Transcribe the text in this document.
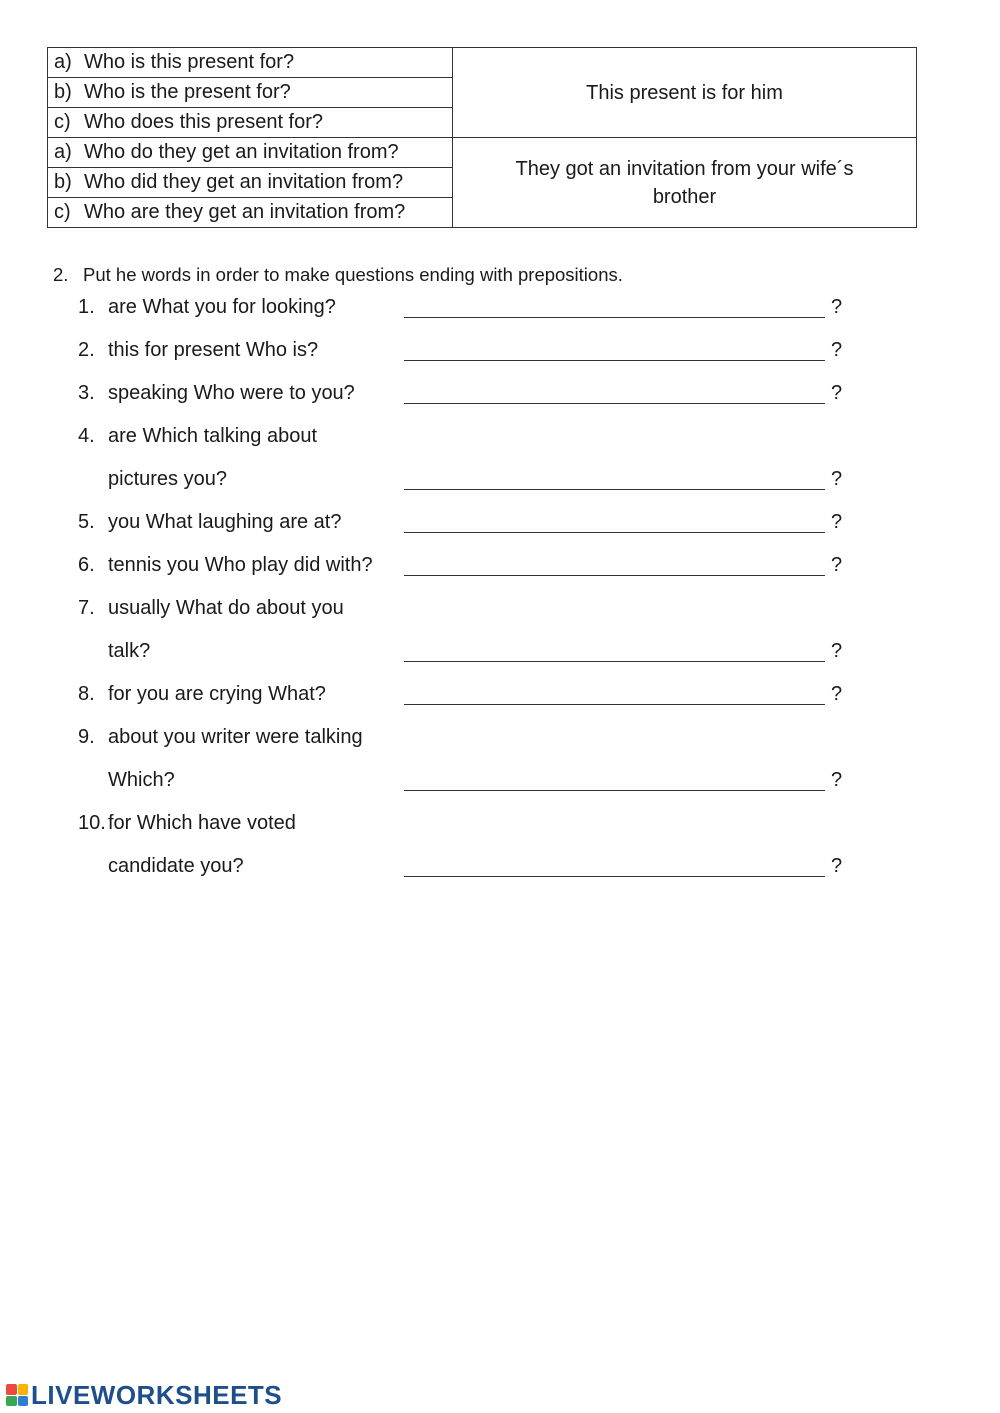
a) Who is this present for?	This present is for him
b) Who is the present for?	
c) Who does this present for?	
a) Who do they get an invitation from?	They got an invitation from your wife´s brother

b) Who did they get an invitation from?	
c) Who are they get an invitation from?	
2. Put he words in order to make questions ending with prepositions.
1. are What you for looking?	?
2. this for present Who is?	?
3. speaking Who were to you?	?
4. are Which talking about
pictures you?	?
5. you What laughing are at?	?
6. tennis you Who play did with?	?
7. usually What do about you
talk?	?
8. for you are crying What?	?
9. about you writer were talking
Which?	?
10. for Which have voted
candidate you?	?
LIVEWORKSHEETS
